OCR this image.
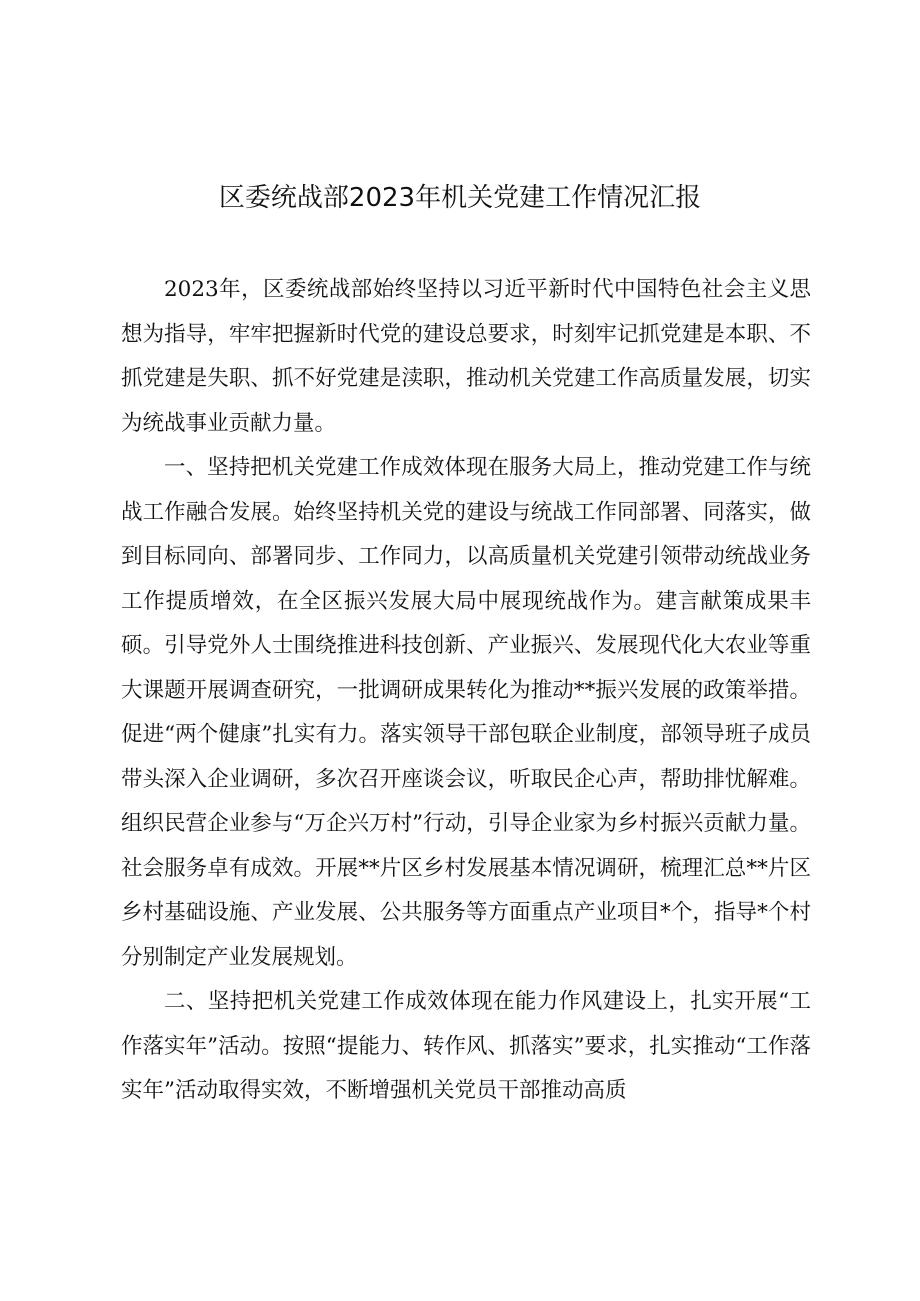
区委统战部2023年机关党建工作情况汇报

2023年，区委统战部始终坚持以习近平新时代中国特色社会主义思想为指导，牢牢把握新时代党的建设总要求，时刻牢记抓党建是本职、不抓党建是失职、抓不好党建是渎职，推动机关党建工作高质量发展，切实为统战事业贡献力量。

一、坚持把机关党建工作成效体现在服务大局上，推动党建工作与统战工作融合发展。始终坚持机关党的建设与统战工作同部署、同落实，做到目标同向、部署同步、工作同力，以高质量机关党建引领带动统战业务工作提质增效，在全区振兴发展大局中展现统战作为。建言献策成果丰硕。引导党外人士围绕推进科技创新、产业振兴、发展现代化大农业等重大课题开展调查研究，一批调研成果转化为推动**振兴发展的政策举措。促进“两个健康”扎实有力。落实领导干部包联企业制度，部领导班子成员带头深入企业调研，多次召开座谈会议，听取民企心声，帮助排忧解难。组织民营企业参与“万企兴万村”行动，引导企业家为乡村振兴贡献力量。社会服务卓有成效。开展**片区乡村发展基本情况调研，梳理汇总**片区乡村基础设施、产业发展、公共服务等方面重点产业项目*个，指导*个村分别制定产业发展规划。

二、坚持把机关党建工作成效体现在能力作风建设上，扎实开展“工作落实年”活动。按照“提能力、转作风、抓落实”要求，扎实推动“工作落实年”活动取得实效，不断增强机关党员干部推动高质
